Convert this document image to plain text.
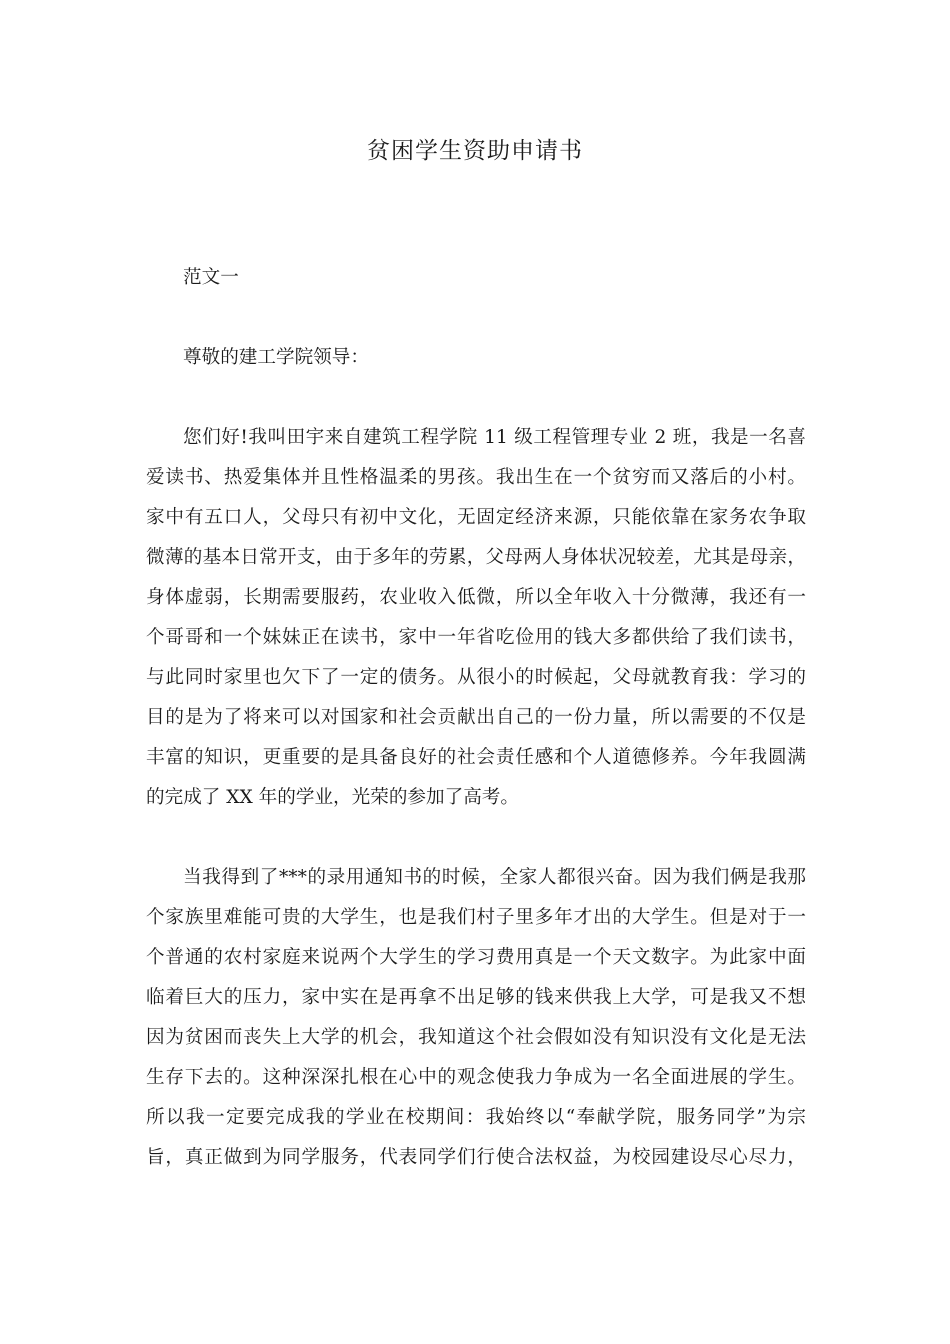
贫困学生资助申请书

范文一

尊敬的建工学院领导：

您们好!我叫田宇来自建筑工程学院 11 级工程管理专业 2 班，我是一名喜

爱读书、热爱集体并且性格温柔的男孩。我出生在一个贫穷而又落后的小村。

家中有五口人，父母只有初中文化，无固定经济来源，只能依靠在家务农争取

微薄的基本日常开支，由于多年的劳累，父母两人身体状况较差，尤其是母亲，

身体虚弱，长期需要服药，农业收入低微，所以全年收入十分微薄，我还有一

个哥哥和一个妹妹正在读书，家中一年省吃俭用的钱大多都供给了我们读书，

与此同时家里也欠下了一定的债务。从很小的时候起，父母就教育我：学习的

目的是为了将来可以对国家和社会贡献出自己的一份力量，所以需要的不仅是

丰富的知识，更重要的是具备良好的社会责任感和个人道德修养。今年我圆满

的完成了 XX 年的学业，光荣的参加了高考。

当我得到了***的录用通知书的时候，全家人都很兴奋。因为我们俩是我那

个家族里难能可贵的大学生，也是我们村子里多年才出的大学生。但是对于一

个普通的农村家庭来说两个大学生的学习费用真是一个天文数字。为此家中面

临着巨大的压力，家中实在是再拿不出足够的钱来供我上大学，可是我又不想

因为贫困而丧失上大学的机会，我知道这个社会假如没有知识没有文化是无法

生存下去的。这种深深扎根在心中的观念使我力争成为一名全面进展的学生。

所以我一定要完成我的学业在校期间：我始终以“奉献学院，服务同学”为宗

旨，真正做到为同学服务，代表同学们行使合法权益，为校园建设尽心尽力，
